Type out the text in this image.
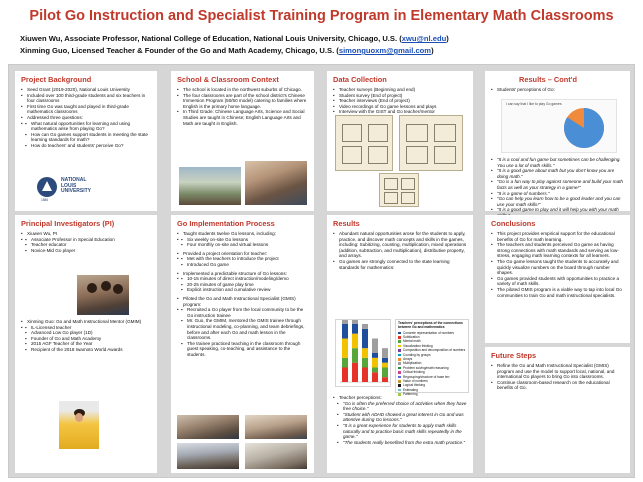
Pilot Go Instruction and Specialist Training Program in Elementary Math Classrooms
Xiuwen Wu, Associate Professor, National College of Education, National Louis University, Chicago, U.S. (xwu@nl.edu)
Xinming Guo, Licensed Teacher & Founder of the Go and Math Academy, Chicago, U.S. (simonguoxm@gmail.com)
Project Background
• Seed Grant (2019-2020), National Louis University
• Included over 100 third-grade students and six teachers in four classrooms
• First time Go was taught and played in third-grade mathematics classrooms
• Addressed three questions:
▪ • What natural opportunities for learning and using mathematics arise from playing Go?
▪ How can Go games support students in meeting the state learning standards for math?
▪ How do teachers' and students' perceive Go?
NATIONAL
LOUIS
UNIVERSITY
1886
School & Classroom Context
• The school is located in the northwest suburbs of Chicago.
• The four classrooms are part of the school district's Chinese Immersion Program (50/50 model) catering to families where English is the primary home language.
• In Third Grade: Chinese Language Arts, Science and Social Studies are taught in Chinese; English Language Arts and Math are taught in English.
Data Collection
• Teacher surveys (Beginning and end)
• Student survey (End of project)
• Teacher interviews (End of project)
• Video recordings of Go game lessons and plays
• Interview with the GIST and Go teacher/mentor
Results – Cont'd
• Students' perceptions of Go:
I can say that I like to play Go games
• "It is a cool and fun game but sometimes can be challenging. You use a lot of math skills."
• "It is a good game about math but you don't know you are doing math."
• "Go is a fun way to play against someone and build your math facts as well as your strategy in a game!"
• "It is a game of numbers."
• "Go can help you learn how to be a good leader and you can use your math skills!"
• "It is a good game to play and it will help you with your math
Principal Investigators (PI)
• Xiuwen Wu, PI
▪ • Associate Professor in Special Education
▪ Teacher educator
▪ Novice-Mid Go player
• Xinming Guo: Go and Math Instructional Mentor (GMIM)
▪ • IL-Licensed teacher
▪ Advanced Low Go player (1D)
▪ Founder of Go and Math Academy
▪ 2015 AGF Teacher of the Year
▪ Recipient of the 2018 Iwamoto World Awards
Go Implementation Process
• Taught students twelve Go lessons, including:
▪ • Six weekly on-site Go lessons
▪ Four monthly on-site and virtual lessons
• Provided a project orientation for teacher:
▪ • Met with the teachers to introduce the project
▪ Introduced Go game
• Implemented a predictable structure of Go lessons:
▪ • 10-15 minutes of direct instruction/modeling/demo
▪ 20-25 minutes of game play time
▪ Explicit instruction and cumulative review
• Piloted the Go and Math Instructional Specialist (GMIS) program:
▪ • Recruited a Go player from the local community to be the Go instruction trainee
▪ Mr. Guo, the GMIM, mentored the GMIS trainee through instructional modeling, co-planning, and team debriefings, before and after each Go and math lesson in the classrooms.
▪ The trainee practiced teaching in the classroom through guest speaking, co-teaching, and assistance to the students.
Results
• Abundant natural opportunities arose for the students to apply, practice, and discover math concepts and skills in the games, including: Subitizing, counting, multiplication, mixed operations (addition, subtraction, and multiplication), distributive property, and arrays.
• Go games are strongly connected to the state learning standards for mathematics:
Teachers' perceptions of the connections between Go and mathematics
Concrete representation of numbers
Subitization
Mental math
Visualization thinking
Composition and decomposition of numbers
Counting by groups
Arrays
Multiplication
Problem solving/math reasoning
Critical thinking
Regrouping/structure of base ten
Value of numbers
Logical thinking
Estimating
Patterning
• Teacher perceptions:
• "Go is often the preferred choice of activities when they have free choice."
• "Student with ADHD showed a great interest in Go and was attentive during Go lessons."
• "It is a great experience for students to apply math skills naturally and to practice basic math skills repeatedly in the game."
• "The students really benefited from the extra math practice."
Conclusions
• This project provides empirical support for the educational benefits of Go for math learning.
• The teachers and students perceived Go game as having strong connections with math standards and serving as low-stress, engaging math learning contexts for all learners.
• The Go game lessons taught the students to accurately and quickly visualize numbers on the board through number shapes.
• Go games provided students with opportunities to practice a variety of math skills.
• The piloted GMIS program is a viable way to tap into local Go communities to train Go and math instructional specialists.
Future Steps
• Refine the Go and Math Instructional Specialist (GMIS) program and use the model to support local, national, and international Go players to bring Go into classrooms.
• Continue classroom-based research on the educational benefits of Go.
